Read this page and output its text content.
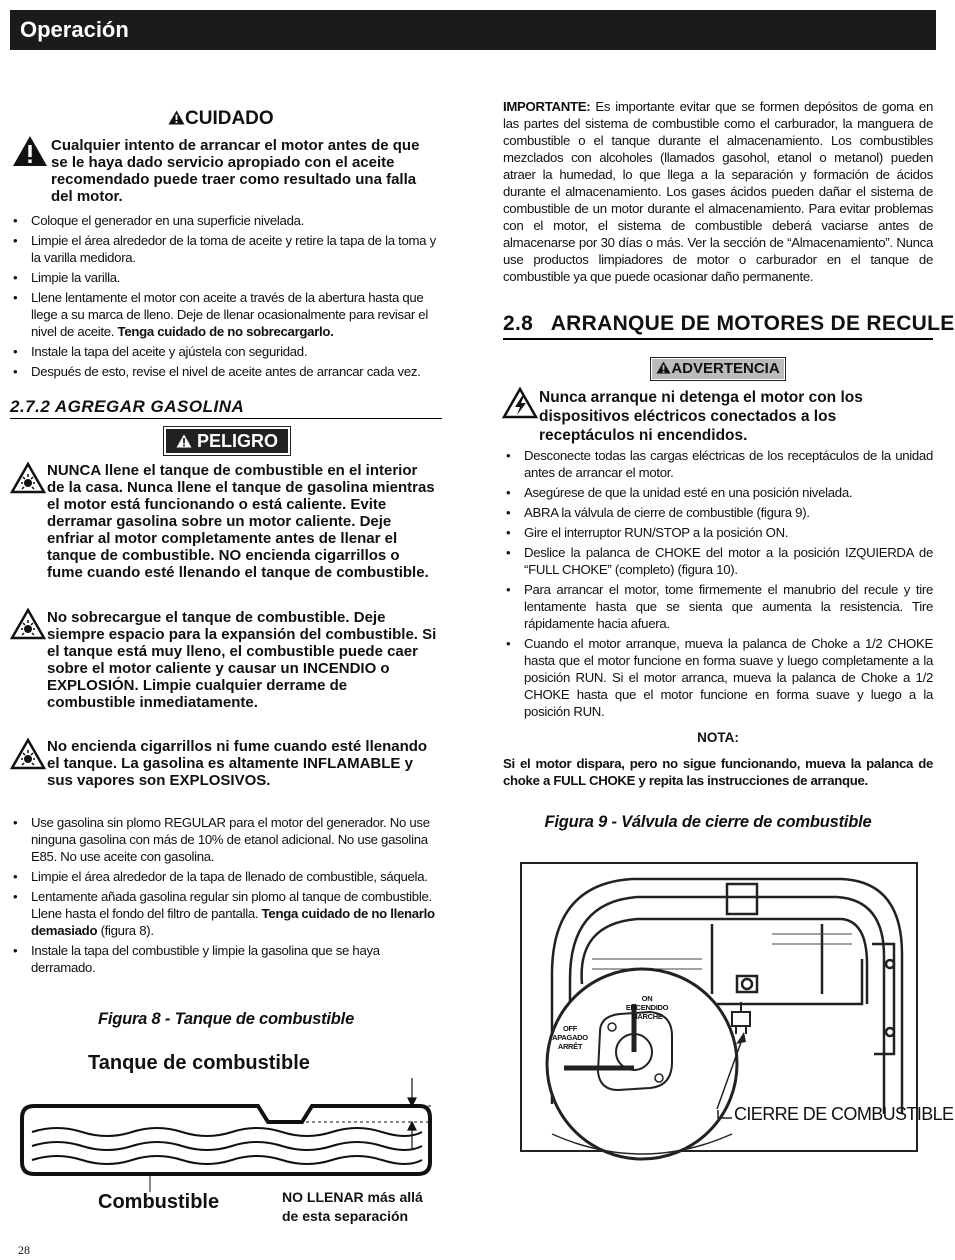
Operación
CUIDADO
Cualquier intento de arrancar el motor antes de que se le haya dado servicio apropiado con el aceite recomendado puede traer como resultado una falla del motor.
• Coloque el generador en una superficie nivelada.
• Limpie el área alrededor de la toma de aceite y retire la tapa de la toma y la varilla medidora.
• Limpie la varilla.
• Llene lentamente el motor con aceite a través de la abertura hasta que llege a su marca de lleno. Deje de llenar ocasionalmente para revisar el nivel de aceite. Tenga cuidado de no sobrecargarlo.
• Instale la tapa del aceite y ajústela con seguridad.
• Después de esto, revise el nivel de aceite antes de arrancar cada vez.
2.7.2 AGREGAR GASOLINA
PELIGRO
NUNCA llene el tanque de combustible en el interior de la casa. Nunca llene el tanque de gasolina mientras el motor está funcionando o está caliente. Evite derramar gasolina sobre un motor caliente. Deje enfriar al motor completamente antes de llenar el tanque de combustible. NO encienda cigarrillos o fume cuando esté llenando el tanque de combustible.
No sobrecargue el tanque de combustible. Deje siempre espacio para la expansión del combustible. Si el tanque está muy lleno, el combustible puede caer sobre el motor caliente y causar un INCENDIO o EXPLOSIÓN. Limpie cualquier derrame de combustible inmediatamente.
No encienda cigarrillos ni fume cuando esté llenando el tanque. La gasolina es altamente INFLAMABLE y sus vapores son EXPLOSIVOS.
• Use gasolina sin plomo REGULAR para el motor del generador. No use ninguna gasolina con más de 10% de etanol adicional. No use gasolina E85. No use aceite con gasolina.
• Limpie el área alrededor de la tapa de llenado de combustible, sáquela.
• Lentamente añada gasolina regular sin plomo al tanque de combustible. Llene hasta el fondo del filtro de pantalla. Tenga cuidado de no llenarlo demasiado (figura 8).
• Instale la tapa del combustible y limpie la gasolina que se haya derramado.
Figura 8 - Tanque de combustible
Tanque de combustible
Combustible	NO LLENAR más allá de esta separación
IMPORTANTE: Es importante evitar que se formen depósitos de goma en las partes del sistema de combustible como el carburador, la manguera de combustible o el tanque durante el almacenamiento. Los combustibles mezclados con alcoholes (llamados gasohol, etanol o metanol) pueden atraer la humedad, lo que llega a la separación y formación de ácidos durante el almacenamiento. Los gases ácidos pueden dañar el sistema de combustible de un motor durante el almacenamiento. Para evitar problemas con el motor, el sistema de combustible deberá vaciarse antes de almacenarse por 30 días o más. Ver la sección de “Almacenamiento”. Nunca use productos limpiadores de motor o carburador en el tanque de combustible ya que puede ocasionar daño permanente.
2.8   ARRANQUE DE MOTORES DE RECULE
ADVERTENCIA
Nunca arranque ni detenga el motor con los dispositivos eléctricos conectados a los receptáculos ni encendidos.
• Desconecte todas las cargas eléctricas de los receptáculos de la unidad antes de arrancar el motor.
• Asegúrese de que la unidad esté en una posición nivelada.
• ABRA la válvula de cierre de combustible (figura 9).
• Gire el interruptor RUN/STOP a la posición ON.
• Deslice la palanca de CHOKE del motor a la posición IZQUIERDA de “FULL CHOKE” (completo) (figura 10).
• Para arrancar el motor, tome firmemente el manubrio del recule y tire lentamente hasta que se sienta que aumenta la resistencia. Tire rápidamente hacia afuera.
• Cuando el motor arranque, mueva la palanca de Choke a 1/2 CHOKE hasta que el motor funcione en forma suave y luego completamente a la posición RUN. Si el motor arranca, mueva la palanca de Choke a 1/2 CHOKE hasta que el motor funcione en forma suave y luego a la posición RUN.
NOTA:
Si el motor dispara, pero no sigue funcionando, mueva la palanca de choke a FULL CHOKE y repita las instrucciones de arranque.
Figura 9 - Válvula de cierre de combustible
ON
ENCENDIDO
MARCHE
OFF
APAGADO
ARRÊT
CIERRE DE COMBUSTIBLE
28
